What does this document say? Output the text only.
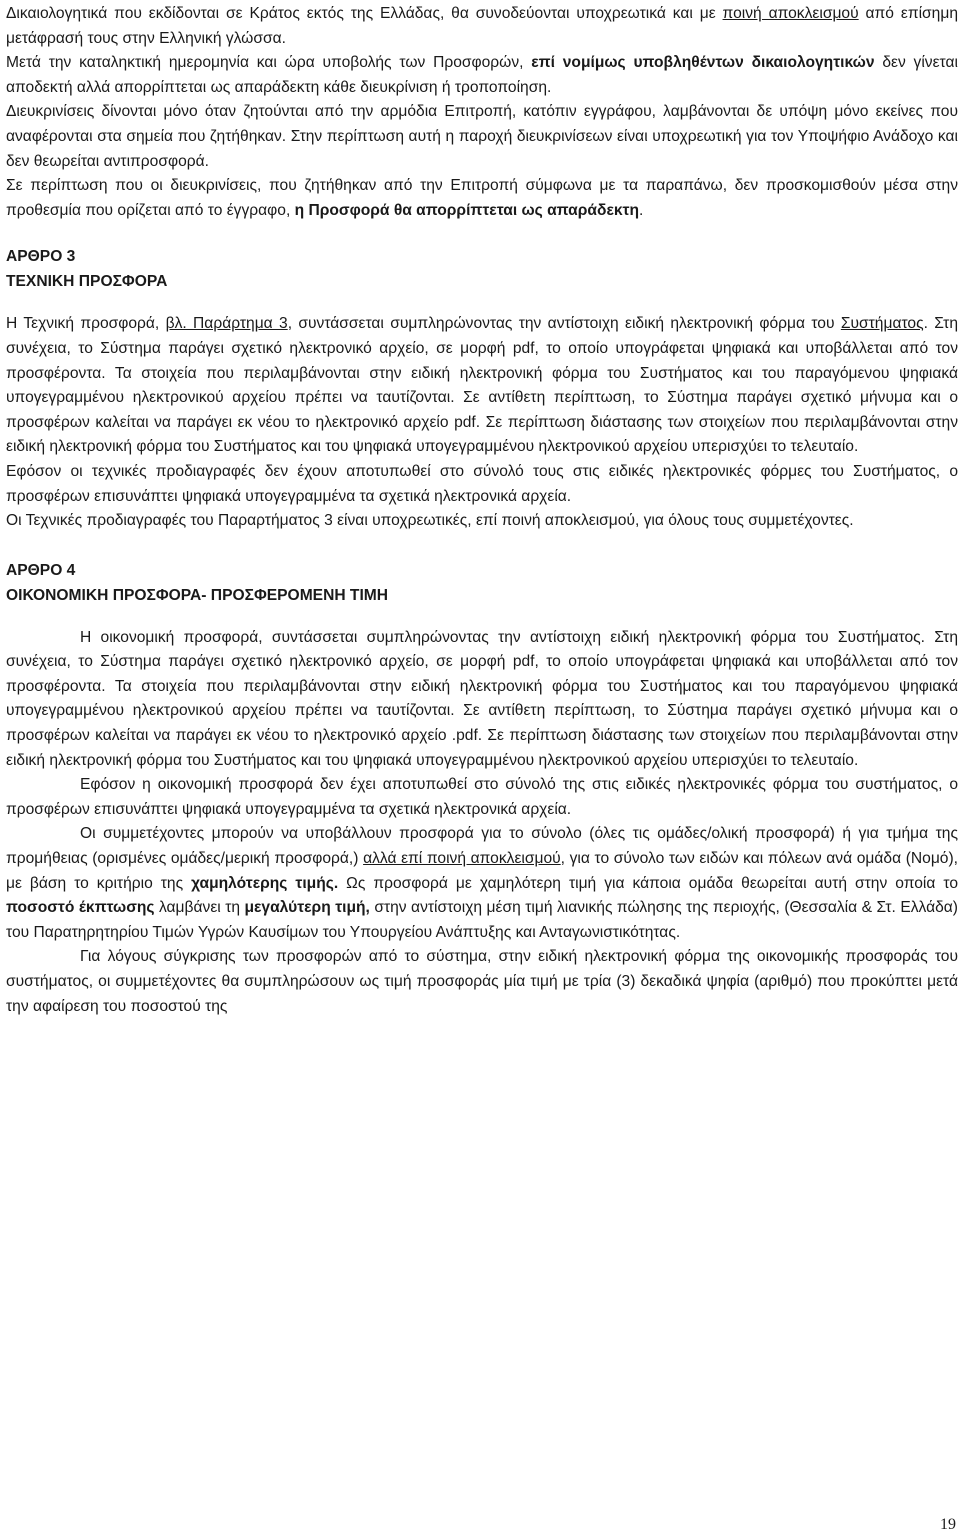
Δικαιολογητικά που εκδίδονται σε Κράτος εκτός της Ελλάδας, θα συνοδεύονται υποχρεωτικά και με ποινή αποκλεισμού από επίσημη μετάφρασή τους στην Ελληνική γλώσσα.

Μετά την καταληκτική ημερομηνία και ώρα υποβολής των Προσφορών, επί νομίμως υποβληθέντων δικαιολογητικών δεν γίνεται αποδεκτή αλλά απορρίπτεται ως απαράδεκτη κάθε διευκρίνιση ή τροποποίηση.

Διευκρινίσεις δίνονται μόνο όταν ζητούνται από την αρμόδια Επιτροπή, κατόπιν εγγράφου, λαμβάνονται δε υπόψη μόνο εκείνες που αναφέρονται στα σημεία που ζητήθηκαν. Στην περίπτωση αυτή η παροχή διευκρινίσεων είναι υποχρεωτική για τον Υποψήφιο Ανάδοχο και δεν θεωρείται αντιπροσφορά.

Σε περίπτωση που οι διευκρινίσεις, που ζητήθηκαν από την Επιτροπή σύμφωνα με τα παραπάνω, δεν προσκομισθούν μέσα στην προθεσμία που ορίζεται από το έγγραφο, η Προσφορά θα απορρίπτεται ως απαράδεκτη.

ΑΡΘΡΟ 3
ΤΕΧΝΙΚΗ ΠΡΟΣΦΟΡΑ

Η Τεχνική προσφορά, βλ. Παράρτημα 3, συντάσσεται συμπληρώνοντας την αντίστοιχη ειδική ηλεκτρονική φόρμα του Συστήματος. Στη συνέχεια, το Σύστημα παράγει σχετικό ηλεκτρονικό αρχείο, σε μορφή pdf, το οποίο υπογράφεται ψηφιακά και υποβάλλεται από τον προσφέροντα. Τα στοιχεία που περιλαμβάνονται στην ειδική ηλεκτρονική φόρμα του Συστήματος και του παραγόμενου ψηφιακά υπογεγραμμένου ηλεκτρονικού αρχείου πρέπει να ταυτίζονται. Σε αντίθετη περίπτωση, το Σύστημα παράγει σχετικό μήνυμα και ο προσφέρων καλείται να παράγει εκ νέου το ηλεκτρονικό αρχείο pdf. Σε περίπτωση διάστασης των στοιχείων που περιλαμβάνονται στην ειδική ηλεκτρονική φόρμα του Συστήματος και του ψηφιακά υπογεγραμμένου ηλεκτρονικού αρχείου υπερισχύει το τελευταίο.

Εφόσον οι τεχνικές προδιαγραφές δεν έχουν αποτυπωθεί στο σύνολό τους στις ειδικές ηλεκτρονικές φόρμες του Συστήματος, ο προσφέρων επισυνάπτει ψηφιακά υπογεγραμμένα τα σχετικά ηλεκτρονικά αρχεία.

Οι Τεχνικές προδιαγραφές του Παραρτήματος 3 είναι υποχρεωτικές, επί ποινή αποκλεισμού, για όλους τους συμμετέχοντες.

ΑΡΘΡΟ 4
ΟΙΚΟΝΟΜΙΚΗ ΠΡΟΣΦΟΡΑ- ΠΡΟΣΦΕΡΟΜΕΝΗ ΤΙΜΗ

Η οικονομική προσφορά, συντάσσεται συμπληρώνοντας την αντίστοιχη ειδική ηλεκτρονική φόρμα του Συστήματος. Στη συνέχεια, το Σύστημα παράγει σχετικό ηλεκτρονικό αρχείο, σε μορφή pdf, το οποίο υπογράφεται ψηφιακά και υποβάλλεται από τον προσφέροντα. Τα στοιχεία που περιλαμβάνονται στην ειδική ηλεκτρονική φόρμα του Συστήματος και του παραγόμενου ψηφιακά υπογεγραμμένου ηλεκτρονικού αρχείου πρέπει να ταυτίζονται. Σε αντίθετη περίπτωση, το Σύστημα παράγει σχετικό μήνυμα και ο προσφέρων καλείται να παράγει εκ νέου το ηλεκτρονικό αρχείο .pdf. Σε περίπτωση διάστασης των στοιχείων που περιλαμβάνονται στην ειδική ηλεκτρονική φόρμα του Συστήματος και του ψηφιακά υπογεγραμμένου ηλεκτρονικού αρχείου υπερισχύει το τελευταίο.

Εφόσον η οικονομική προσφορά δεν έχει αποτυπωθεί στο σύνολό της στις ειδικές ηλεκτρονικές φόρμα του συστήματος, ο προσφέρων επισυνάπτει ψηφιακά υπογεγραμμένα τα σχετικά ηλεκτρονικά αρχεία.

Οι συμμετέχοντες μπορούν να υποβάλλουν προσφορά για το σύνολο (όλες τις ομάδες/ολική προσφορά) ή για τμήμα της προμήθειας (ορισμένες ομάδες/μερική προσφορά,) αλλά επί ποινή αποκλεισμού, για το σύνολο των ειδών και πόλεων ανά ομάδα (Νομό), με βάση το κριτήριο της χαμηλότερης τιμής. Ως προσφορά με χαμηλότερη τιμή για κάποια ομάδα θεωρείται αυτή στην οποία το ποσοστό έκπτωσης λαμβάνει τη μεγαλύτερη τιμή, στην αντίστοιχη μέση τιμή λιανικής πώλησης της περιοχής, (Θεσσαλία & Στ. Ελλάδα) του Παρατηρητηρίου Τιμών Υγρών Καυσίμων του Υπουργείου Ανάπτυξης και Ανταγωνιστικότητας.

Για λόγους σύγκρισης των προσφορών από το σύστημα, στην ειδική ηλεκτρονική φόρμα της οικονομικής προσφοράς του συστήματος, οι συμμετέχοντες θα συμπληρώσουν ως τιμή προσφοράς μία τιμή με τρία (3) δεκαδικά ψηφία (αριθμό) που προκύπτει μετά την αφαίρεση του ποσοστού της

19
